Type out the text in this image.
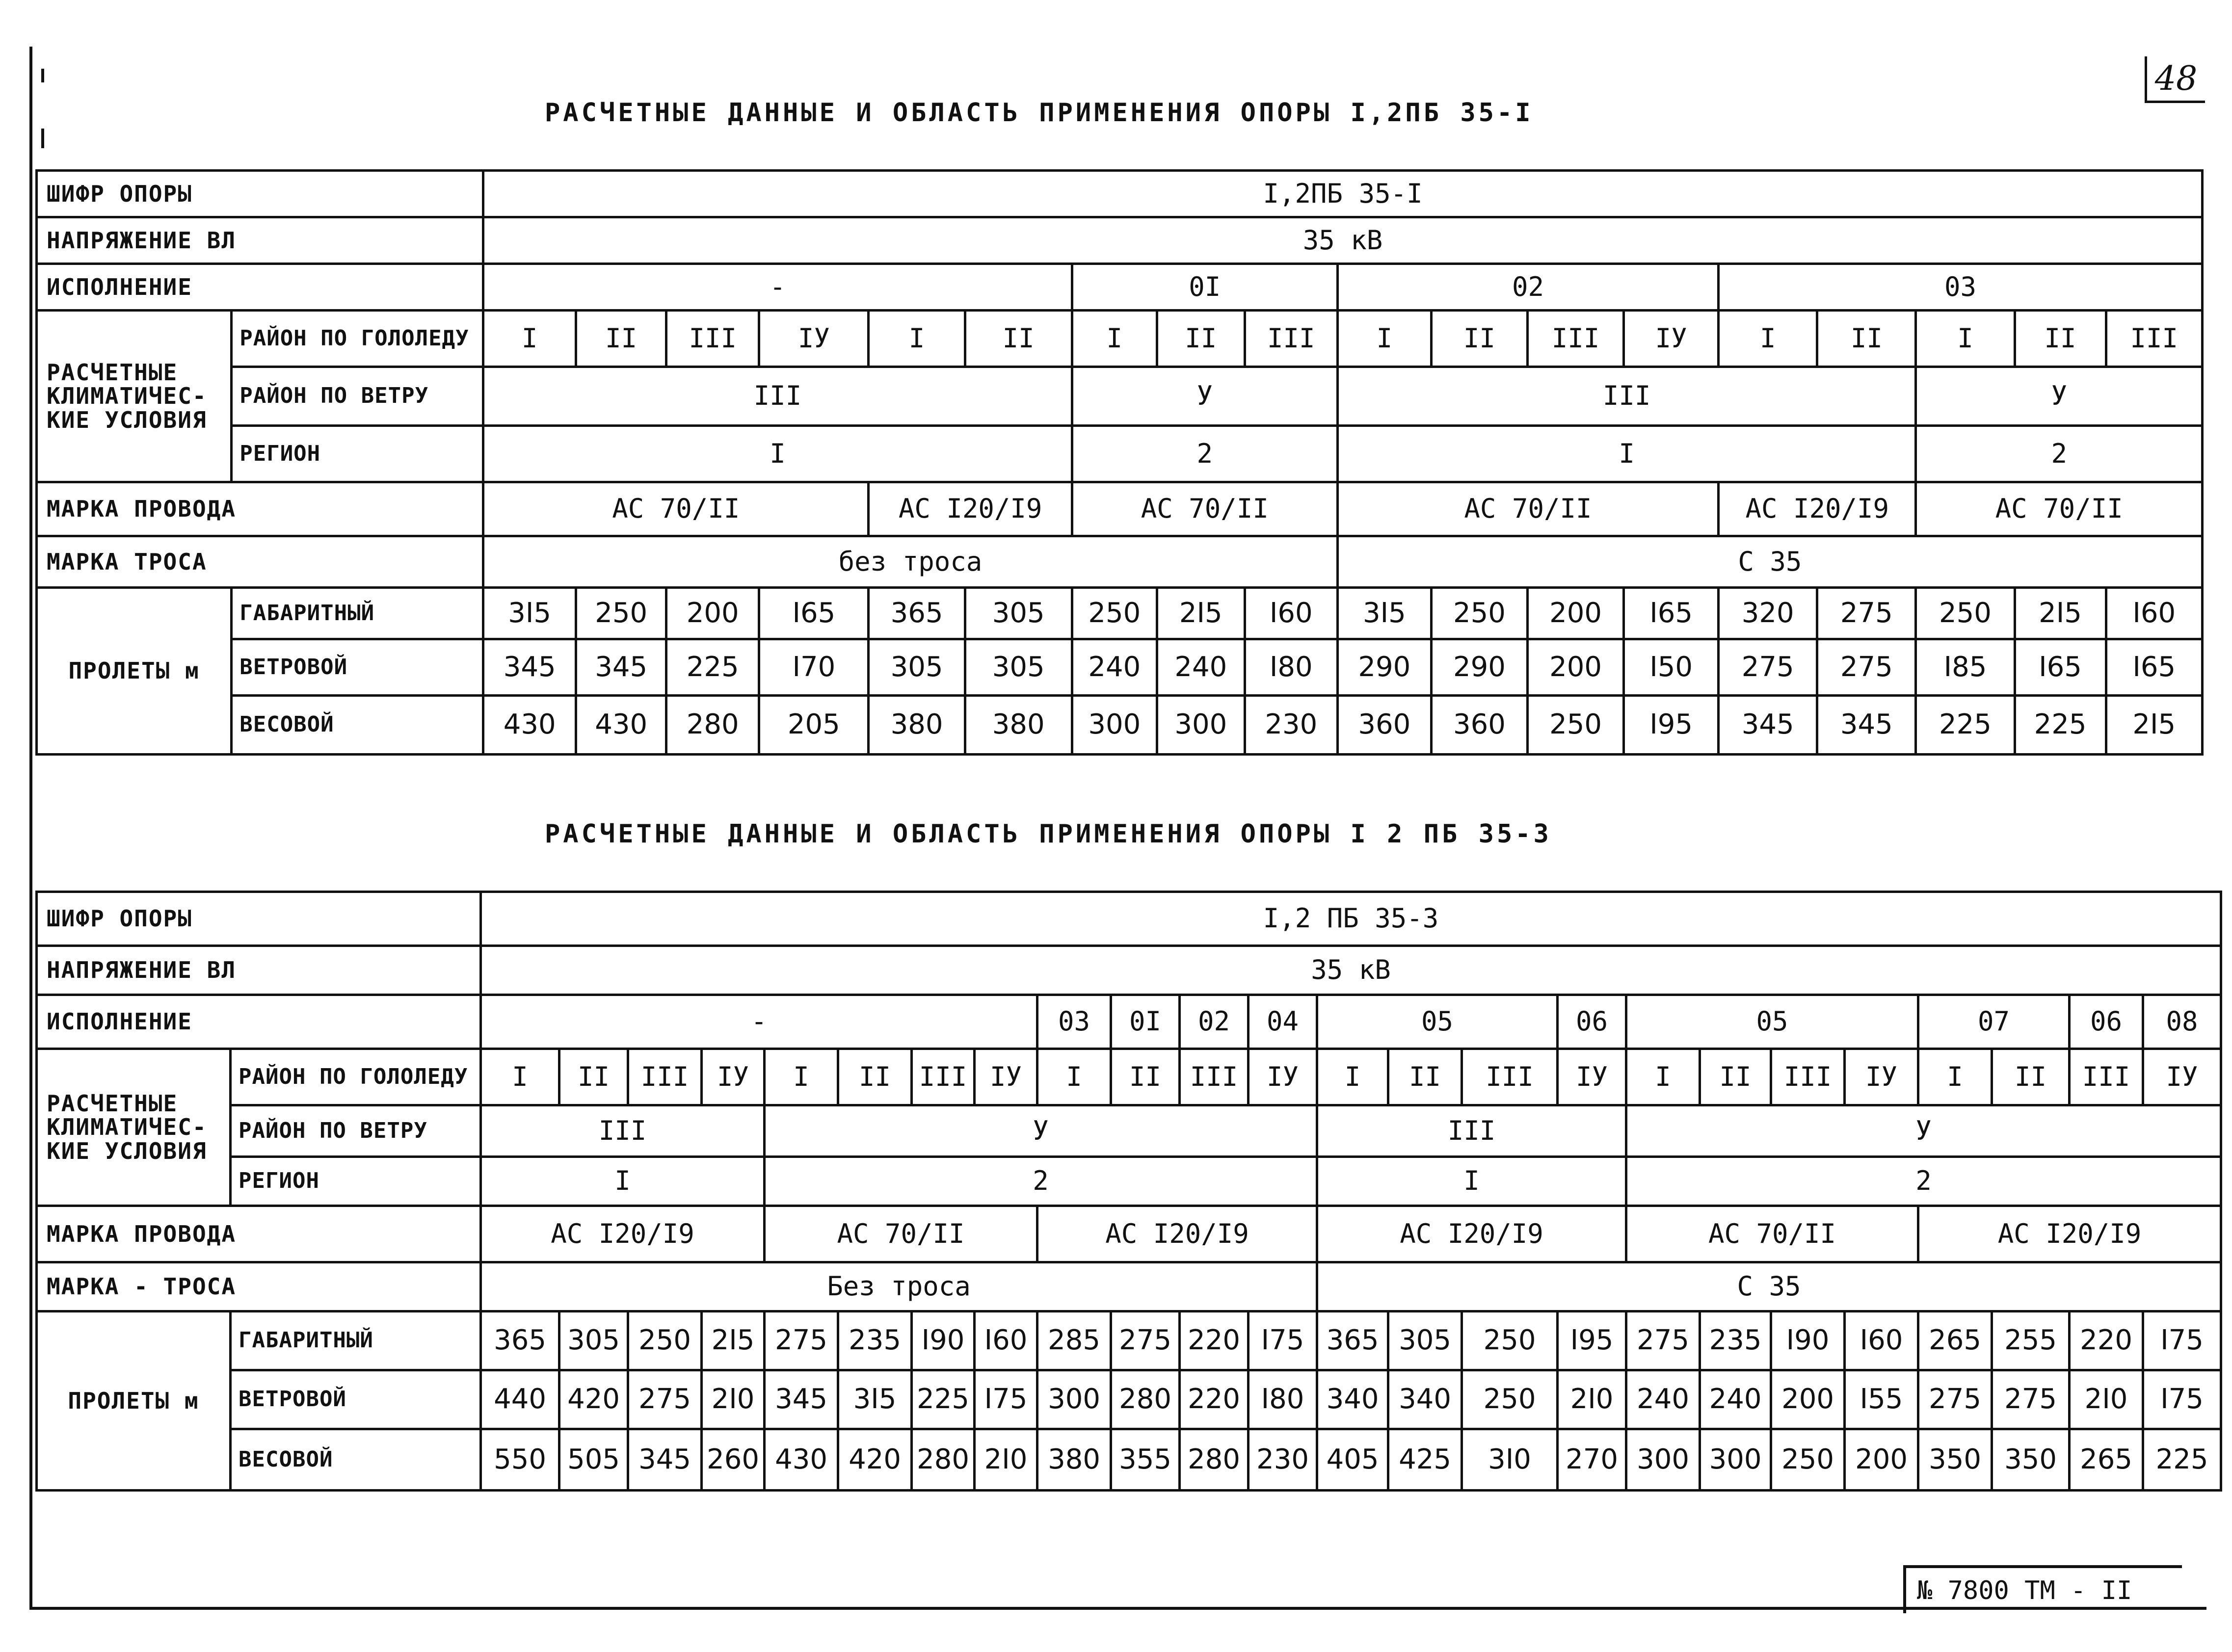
48
РАСЧЕТНЫЕ ДАННЫЕ И ОБЛАСТЬ ПРИМЕНЕНИЯ ОПОРЫ I,2ПБ 35-I
ШИФР ОПОРЫ		I,2ПБ 35-I																	
НАПРЯЖЕНИЕ ВЛ		35 кВ																	
ИСПОЛНЕНИЕ		-						0I			02				03				
РАСЧЕТНЫЕ КЛИМАТИЧЕС-КИЕ УСЛОВИЯ	РАЙОН ПО ГОЛОЛЕДУ	I	II	III	IУ	I	II	I	II	III	I	II	III	IУ	I	II	I	II	III
	РАЙОН ПО ВЕТРУ	III						У			III						У		
	РЕГИОН	I						2			I						2		
МАРКА ПРОВОДА		АС 70/II				АС I20/I9		АС 70/II			АС 70/II				АС I20/I9		АС 70/II		
МАРКА ТРОСА		без троса									С 35								
ПРОЛЕТЫ м	ГАБАРИТНЫЙ	3I5	250	200	I65	365	305	250	2I5	I60	3I5	250	200	I65	320	275	250	2I5	I60
	ВЕТРОВОЙ	345	345	225	I70	305	305	240	240	I80	290	290	200	I50	275	275	I85	I65	I65
	ВЕСОВОЙ	430	430	280	205	380	380	300	300	230	360	360	250	I95	345	345	225	225	2I5
РАСЧЕТНЫЕ ДАННЫЕ И ОБЛАСТЬ ПРИМЕНЕНИЯ ОПОРЫ I 2 ПБ 35-3
ШИФР ОПОРЫ		I,2 ПБ 35-3																							
НАПРЯЖЕНИЕ ВЛ		35 кВ																							
ИСПОЛНЕНИЕ		-								03	0I	02	04	05			06	05				07		06	08
РАСЧЕТНЫЕ КЛИМАТИЧЕС-КИЕ УСЛОВИЯ	РАЙОН ПО ГОЛОЛЕДУ	I	II	III	IУ	I	II	III	IУ	I	II	III	IУ	I	II	III	IУ	I	II	III	IУ	I	II	III	IУ
	РАЙОН ПО ВЕТРУ	III				У								III				У							
	РЕГИОН	I				2								I				2							
МАРКА ПРОВОДА		АС I20/I9				АС 70/II				АС I20/I9				АС I20/I9				АС 70/II				АС I20/I9			
МАРКА - ТРОСА		Без троса												С 35											
ПРОЛЕТЫ м	ГАБАРИТНЫЙ	365	305	250	2I5	275	235	I90	I60	285	275	220	I75	365	305	250	I95	275	235	I90	I60	265	255	220	I75
	ВЕТРОВОЙ	440	420	275	2I0	345	3I5	225	I75	300	280	220	I80	340	340	250	2I0	240	240	200	I55	275	275	2I0	I75
	ВЕСОВОЙ	550	505	345	260	430	420	280	2I0	380	355	280	230	405	425	3I0	270	300	300	250	200	350	350	265	225
№ 7800 ТМ - II
